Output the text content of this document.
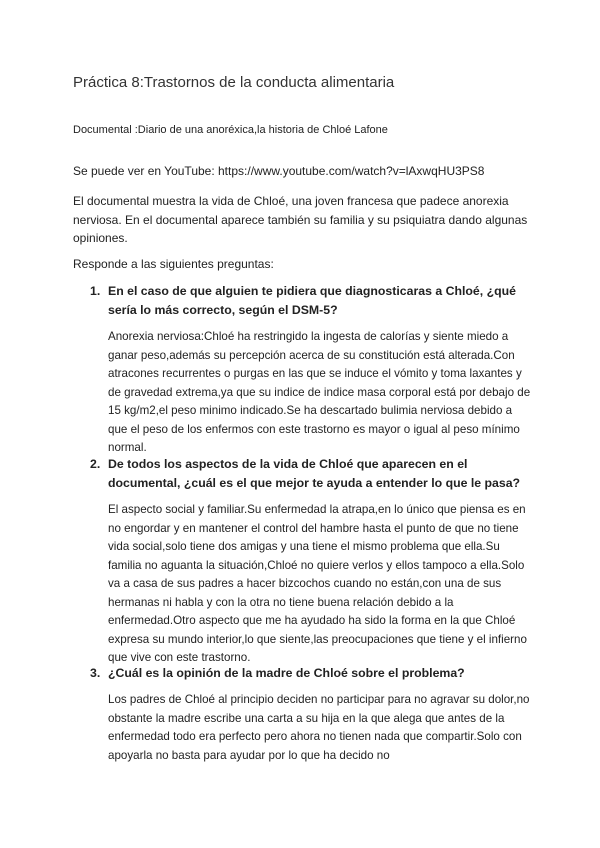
Práctica 8:Trastornos de la conducta alimentaria

Documental :Diario de una anoréxica,la historia de Chloé Lafone

Se puede ver en YouTube: https://www.youtube.com/watch?v=lAxwqHU3PS8

El documental muestra la vida de Chloé, una joven francesa que padece anorexia nerviosa. En el documental aparece también su familia y su psiquiatra dando algunas opiniones.

Responde a las siguientes preguntas:

1. En el caso de que alguien te pidiera que diagnosticaras a Chloé, ¿qué sería lo más correcto, según el DSM-5?

Anorexia nerviosa:Chloé ha restringido la ingesta de calorías y siente miedo a ganar peso,además su percepción acerca de su constitución está alterada.Con atracones recurrentes o purgas en las que se induce el vómito y toma laxantes y de gravedad extrema,ya que su indice de indice masa corporal está por debajo de 15 kg/m2,el peso minimo indicado.Se ha descartado bulimia nerviosa debido a que el peso de los enfermos con este trastorno es mayor o igual al peso mínimo normal.

2. De todos los aspectos de la vida de Chloé que aparecen en el documental, ¿cuál es el que mejor te ayuda a entender lo que le pasa?

El aspecto social y familiar.Su enfermedad la atrapa,en lo único que piensa es en no engordar y en mantener el control del hambre hasta el punto de que no tiene vida social,solo tiene dos amigas y una tiene el mismo problema que ella.Su familia no aguanta la situación,Chloé no quiere verlos y ellos tampoco a ella.Solo va a casa de sus padres a hacer bizcochos cuando no están,con una de sus hermanas ni habla y con la otra no tiene buena relación debido a la enfermedad.Otro aspecto que me ha ayudado ha sido la forma en la que Chloé expresa su mundo interior,lo que siente,las preocupaciones que tiene y el infierno que vive con este trastorno.

3. ¿Cuál es la opinión de la madre de Chloé sobre el problema?

Los padres de Chloé al principio deciden no participar para no agravar su dolor,no obstante la madre escribe una carta a su hija en la que alega que antes de la enfermedad todo era perfecto pero ahora no tienen nada que compartir.Solo con apoyarla no basta para ayudar por lo que ha decido no
